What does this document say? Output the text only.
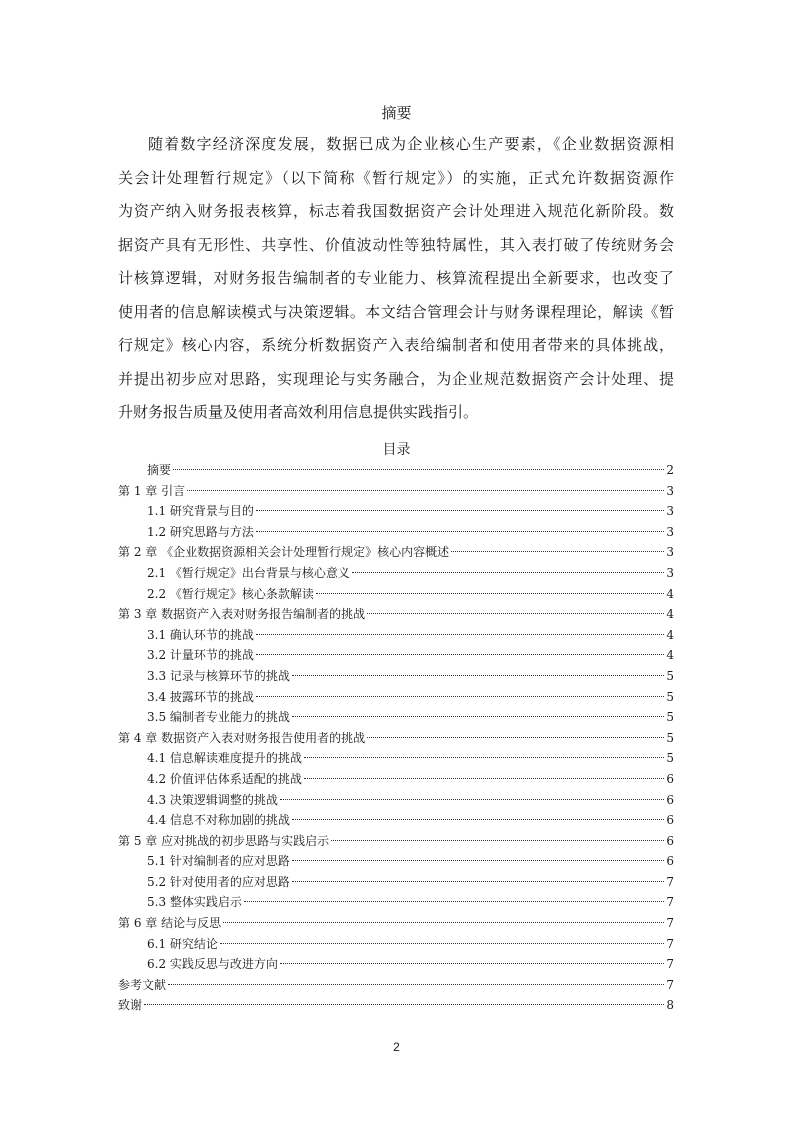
摘要
随着数字经济深度发展，数据已成为企业核心生产要素，《企业数据资源相
关会计处理暂行规定》（以下简称《暂行规定》）的实施，正式允许数据资源作
为资产纳入财务报表核算，标志着我国数据资产会计处理进入规范化新阶段。数
据资产具有无形性、共享性、价值波动性等独特属性，其入表打破了传统财务会
计核算逻辑，对财务报告编制者的专业能力、核算流程提出全新要求，也改变了
使用者的信息解读模式与决策逻辑。本文结合管理会计与财务课程理论，解读《暂
行规定》核心内容，系统分析数据资产入表给编制者和使用者带来的具体挑战，
并提出初步应对思路，实现理论与实务融合，为企业规范数据资产会计处理、提
升财务报告质量及使用者高效利用信息提供实践指引。
目录
摘要	2
第 1 章 引言	3
1.1 研究背景与目的	3
1.2 研究思路与方法	3
第 2 章 《企业数据资源相关会计处理暂行规定》核心内容概述	3
2.1 《暂行规定》出台背景与核心意义	3
2.2 《暂行规定》核心条款解读	4
第 3 章 数据资产入表对财务报告编制者的挑战	4
3.1 确认环节的挑战	4
3.2 计量环节的挑战	4
3.3 记录与核算环节的挑战	5
3.4 披露环节的挑战	5
3.5 编制者专业能力的挑战	5
第 4 章 数据资产入表对财务报告使用者的挑战	5
4.1 信息解读难度提升的挑战	5
4.2 价值评估体系适配的挑战	6
4.3 决策逻辑调整的挑战	6
4.4 信息不对称加剧的挑战	6
第 5 章 应对挑战的初步思路与实践启示	6
5.1 针对编制者的应对思路	6
5.2 针对使用者的应对思路	7
5.3 整体实践启示	7
第 6 章 结论与反思	7
6.1 研究结论	7
6.2 实践反思与改进方向	7
参考文献	7
致谢	8
2
